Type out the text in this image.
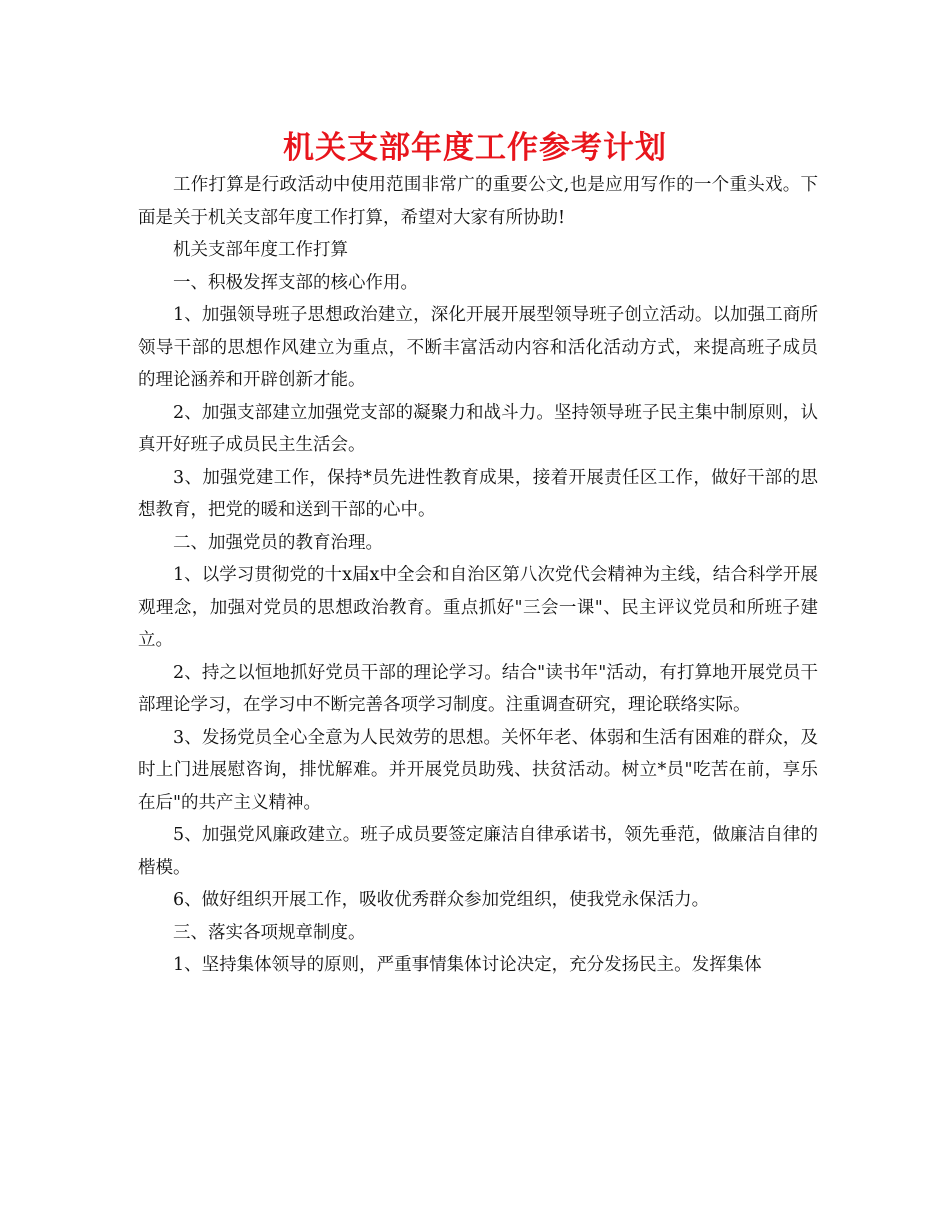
机关支部年度工作参考计划

工作打算是行政活动中使用范围非常广的重要公文,也是应用写作的一个重头戏。下面是关于机关支部年度工作打算，希望对大家有所协助!

机关支部年度工作打算

一、积极发挥支部的核心作用。

1、加强领导班子思想政治建立，深化开展开展型领导班子创立活动。以加强工商所领导干部的思想作风建立为重点，不断丰富活动内容和活化活动方式，来提高班子成员的理论涵养和开辟创新才能。

2、加强支部建立加强党支部的凝聚力和战斗力。坚持领导班子民主集中制原则，认真开好班子成员民主生活会。

3、加强党建工作，保持*员先进性教育成果，接着开展责任区工作，做好干部的思想教育，把党的暖和送到干部的心中。

二、加强党员的教育治理。

1、以学习贯彻党的十x届x中全会和自治区第八次党代会精神为主线，结合科学开展观理念，加强对党员的思想政治教育。重点抓好"三会一课"、民主评议党员和所班子建立。

2、持之以恒地抓好党员干部的理论学习。结合"读书年"活动，有打算地开展党员干部理论学习，在学习中不断完善各项学习制度。注重调查研究，理论联络实际。

3、发扬党员全心全意为人民效劳的思想。关怀年老、体弱和生活有困难的群众，及时上门进展慰咨询，排忧解难。并开展党员助残、扶贫活动。树立*员"吃苦在前，享乐在后"的共产主义精神。

5、加强党风廉政建立。班子成员要签定廉洁自律承诺书，领先垂范，做廉洁自律的楷模。

6、做好组织开展工作，吸收优秀群众参加党组织，使我党永保活力。

三、落实各项规章制度。

1、坚持集体领导的原则，严重事情集体讨论决定，充分发扬民主。发挥集体
